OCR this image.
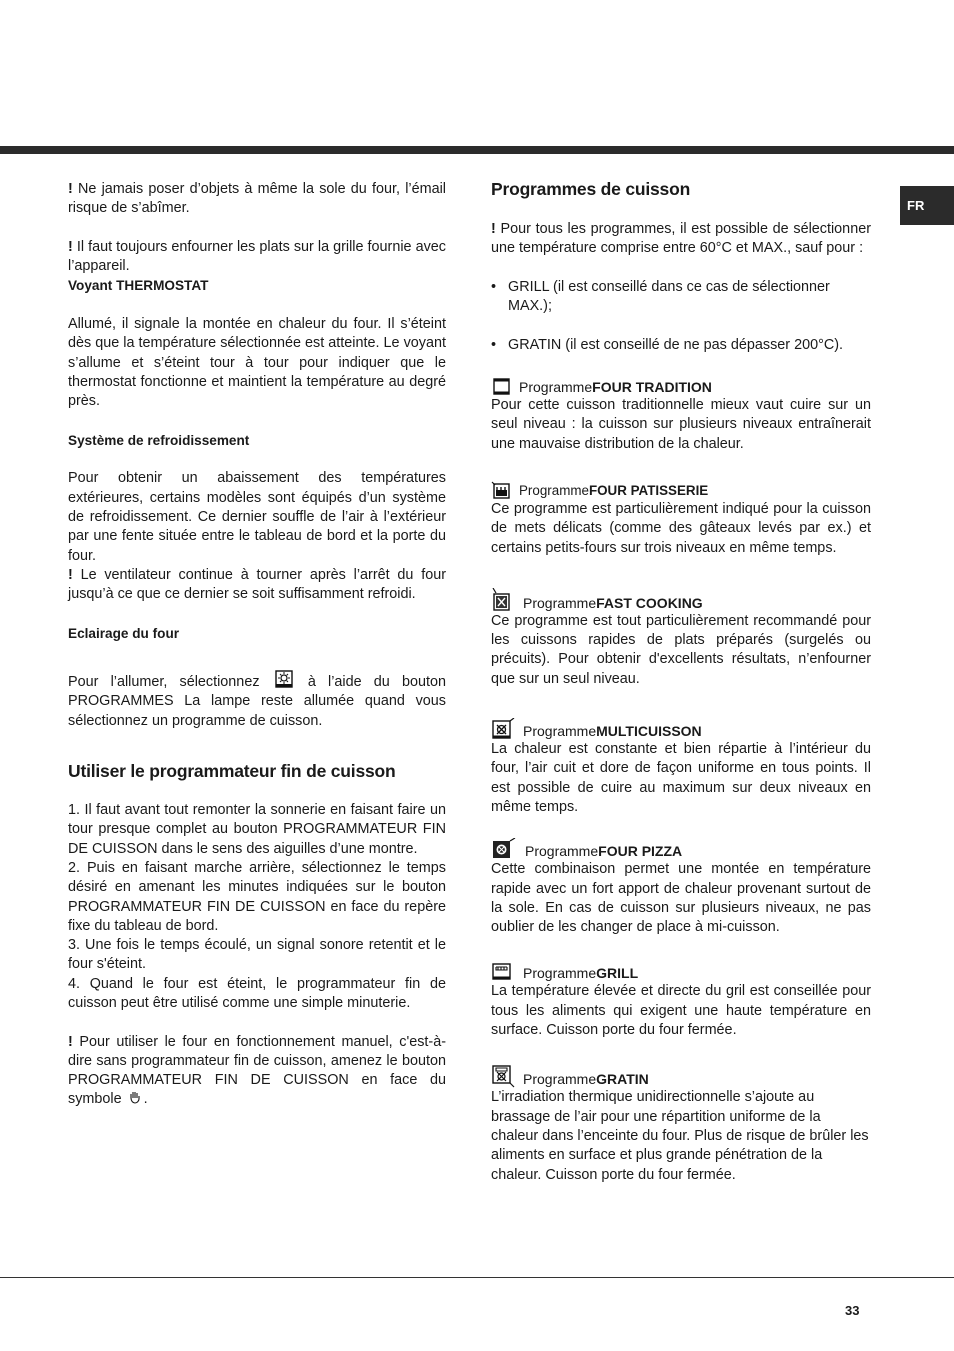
FR

! Ne jamais poser d’objets à même la sole du four, l’émail risque de s’abîmer.

! Il faut toujours enfourner les plats sur la grille fournie avec l’appareil.

Voyant THERMOSTAT

Allumé, il signale la montée en chaleur du four. Il s’éteint dès que la température sélectionnée est atteinte. Le voyant s’allume et s’éteint tour à tour pour indiquer que le thermostat fonctionne et maintient la température au degré près.

Système de refroidissement

Pour obtenir un abaissement des températures extérieures, certains modèles sont équipés d’un système de refroidissement. Ce dernier souffle de l’air à l’extérieur par une fente située entre le tableau de bord et la porte du four.

! Le ventilateur continue à tourner après l’arrêt du four jusqu’à ce que ce dernier se soit suffisamment refroidi.

Eclairage du four

Pour l’allumer, sélectionnez	à l’aide du bouton PROGRAMMES La lampe reste allumée quand vous sélectionnez un programme de cuisson.

Utiliser le programmateur fin de cuisson

1. Il faut avant tout remonter la sonnerie en faisant faire un tour presque complet au bouton PROGRAMMATEUR FIN DE CUISSON dans le sens des aiguilles d’une montre.

2. Puis en faisant marche arrière, sélectionnez le temps désiré en amenant les minutes indiquées sur le bouton PROGRAMMATEUR FIN DE CUISSON en face du repère fixe du tableau de bord.

3. Une fois le temps écoulé, un signal sonore retentit et le four s'éteint.

4. Quand le four est éteint, le programmateur fin de cuisson peut être utilisé comme une simple minuterie.

! Pour utiliser le four en fonctionnement manuel, c'est-à-dire sans programmateur fin de cuisson, amenez le bouton PROGRAMMATEUR FIN DE CUISSON en face du symbole .

Programmes de cuisson

! Pour tous les programmes, il est possible de sélectionner une température comprise entre 60°C et MAX., sauf pour :

• GRILL (il est conseillé dans ce cas de sélectionner MAX.);

• GRATIN (il est conseillé de ne pas dépasser 200°C).

Programme FOUR TRADITION

Pour cette cuisson traditionnelle mieux vaut cuire sur un seul niveau : la cuisson sur plusieurs niveaux entraînerait une mauvaise distribution de la chaleur.

Programme FOUR PATISSERIE

Ce programme est particulièrement indiqué pour la cuisson de mets délicats (comme des gâteaux levés par ex.) et certains petits-fours sur trois niveaux en même temps.

Programme FAST COOKING

Ce programme est tout particulièrement recommandé pour les cuissons rapides de plats préparés (surgelés ou précuits). Pour obtenir d'excellents résultats, n’enfourner que sur un seul niveau.

Programme MULTICUISSON

La chaleur est constante et bien répartie à l’intérieur du four, l’air cuit et dore de façon uniforme en tous points. Il est possible de cuire au maximum sur deux niveaux en même temps.

Programme FOUR PIZZA

Cette combinaison permet une montée en température rapide avec un fort apport de chaleur provenant surtout de la sole. En cas de cuisson sur plusieurs niveaux, ne pas oublier de les changer de place à mi-cuisson.

Programme GRILL

La température élevée et directe du gril est conseillée pour tous les aliments qui exigent une haute température en surface. Cuisson porte du four fermée.

Programme GRATIN

L’irradiation thermique unidirectionnelle s’ajoute au brassage de l’air pour une répartition uniforme de la chaleur dans l’enceinte du four. Plus de risque de brûler les aliments en surface et plus grande pénétration de la chaleur. Cuisson porte du four fermée.

33
